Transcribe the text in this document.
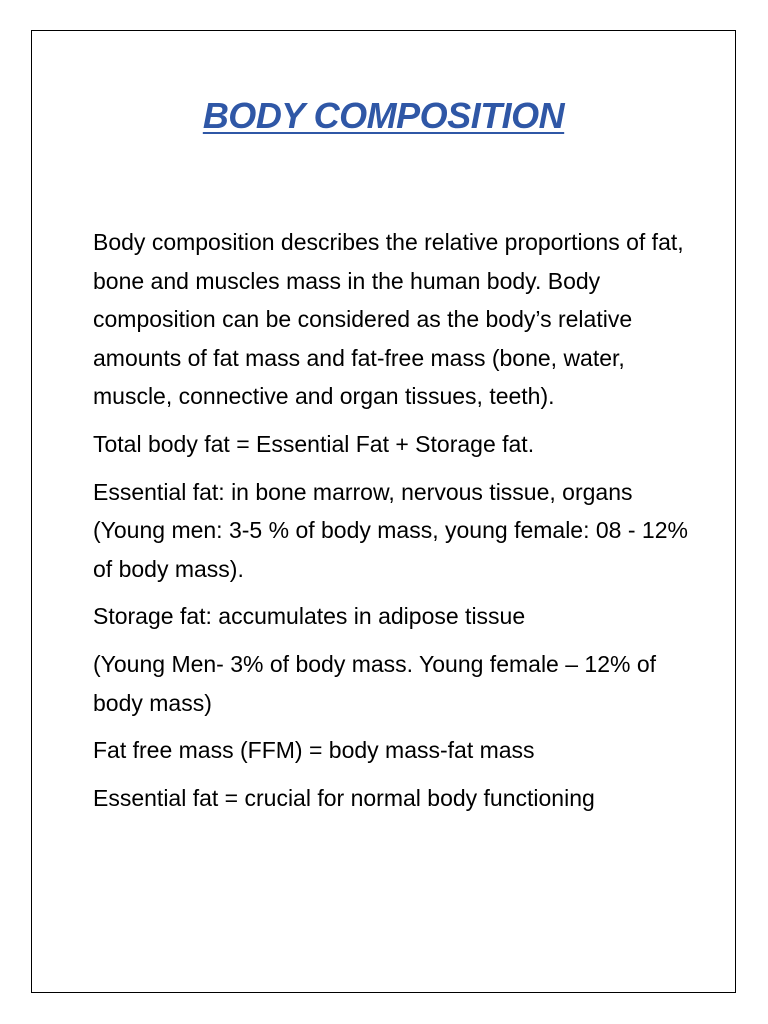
BODY COMPOSITION

Body composition describes the relative proportions of fat, bone and muscles mass in the human body. Body composition can be considered as the body’s relative amounts of fat mass and fat-free mass (bone, water, muscle, connective and organ tissues, teeth).

Total body fat = Essential Fat + Storage fat.

Essential fat: in bone marrow, nervous tissue, organs (Young men: 3-5 % of body mass, young female: 08 - 12% of body mass).

Storage fat: accumulates in adipose tissue

(Young Men- 3% of body mass. Young female – 12% of body mass)

Fat free mass (FFM) = body mass-fat mass

Essential fat = crucial for normal body functioning
